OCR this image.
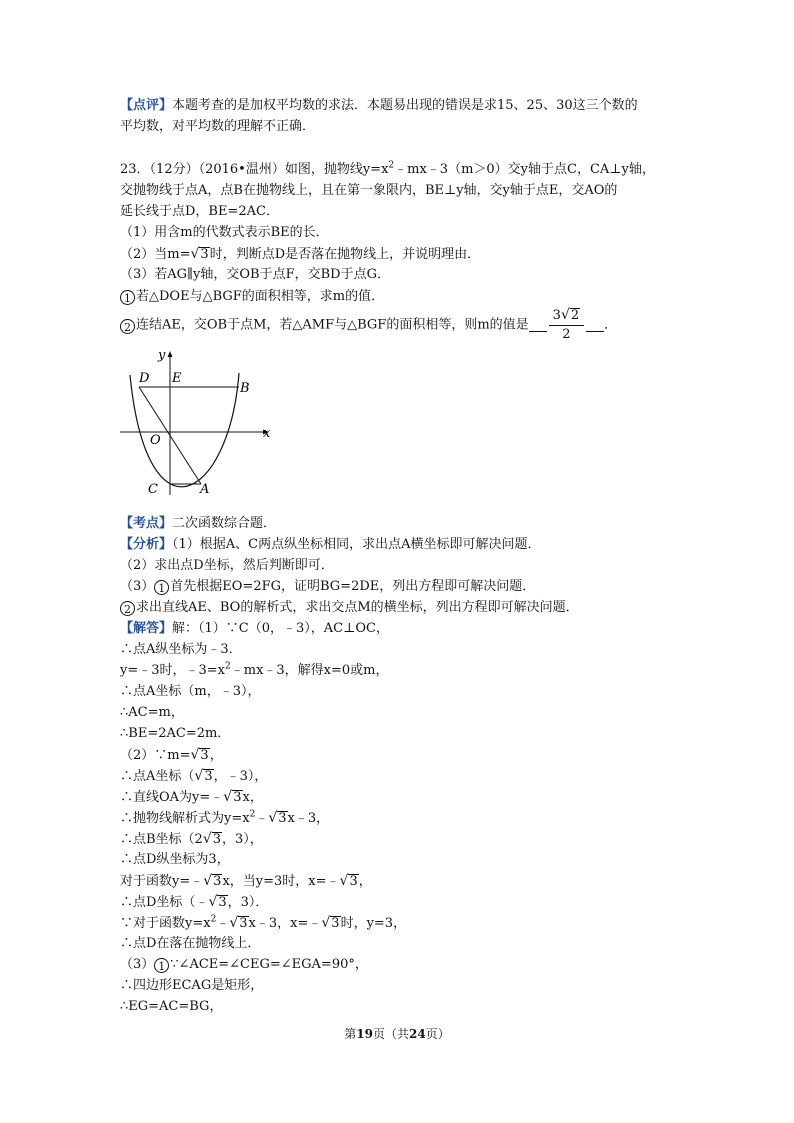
【点评】本题考查的是加权平均数的求法．本题易出现的错误是求15、25、30这三个数的
平均数，对平均数的理解不正确．
23．（12分）（2016•温州）如图，抛物线$y=x^2﹣mx﹣3(m>0)$交y轴于点C，CA⊥y轴，
交抛物线于点A，点B在抛物线上，且在第一象限内，BE⊥y轴，交y轴于点E，交AO的
延长线于点D，BE=2AC．
（1）用含m的代数式表示BE的长．
（2）当m=√3时，判断点D是否落在抛物线上，并说明理由．
（3）若AG∥y轴，交OB于点F，交BD于点G．
1 若△DOE与△BGF的面积相等，求m的值．
2 连结AE，交OB于点M，若△AMF与△BGF的面积相等，则m的值是 $\frac{3√2}{2}$ ．
y
x
D E
B
O
C	A
【考点】二次函数综合题．
【分析】（1）根据A、C两点纵坐标相同，求出点A横坐标即可解决问题．
（2）求出点D坐标，然后判断即可．
（3） 1 首先根据EO=2FG，证明BG=2DE，列出方程即可解决问题．
2 求出直线AE、BO的解析式，求出交点M的横坐标，列出方程即可解决问题．
【解答】解：（1）∵C（0，﹣3），AC⊥OC，
∴点A纵坐标为﹣3．
y=﹣3时，$﹣3=x^2﹣mx﹣3$，解得x=0或m，
∴点A坐标（m，﹣3），
∴AC=m，
∴BE=2AC=2m．
（2）∵m=√3，
∴点A坐标（√3，﹣3），
∴直线OA为y=﹣√3x，
∴抛物线解析式为$y=x^2﹣√3x﹣3$，
∴点B坐标（2√3，3），
∴点D纵坐标为3，
对于函数y=﹣√3x，当y=3时，x=﹣√3，
∴点D坐标（﹣√3，3）．
∵对于函数$y=x^2﹣√3x﹣3$，x=﹣√3时，y=3，
∴点D在落在抛物线上．
（3） 1 ∵∠ACE=∠CEG=∠EGA=90°，
∴四边形ECAG是矩形，
∴EG=AC=BG，
第19页（共24页）
